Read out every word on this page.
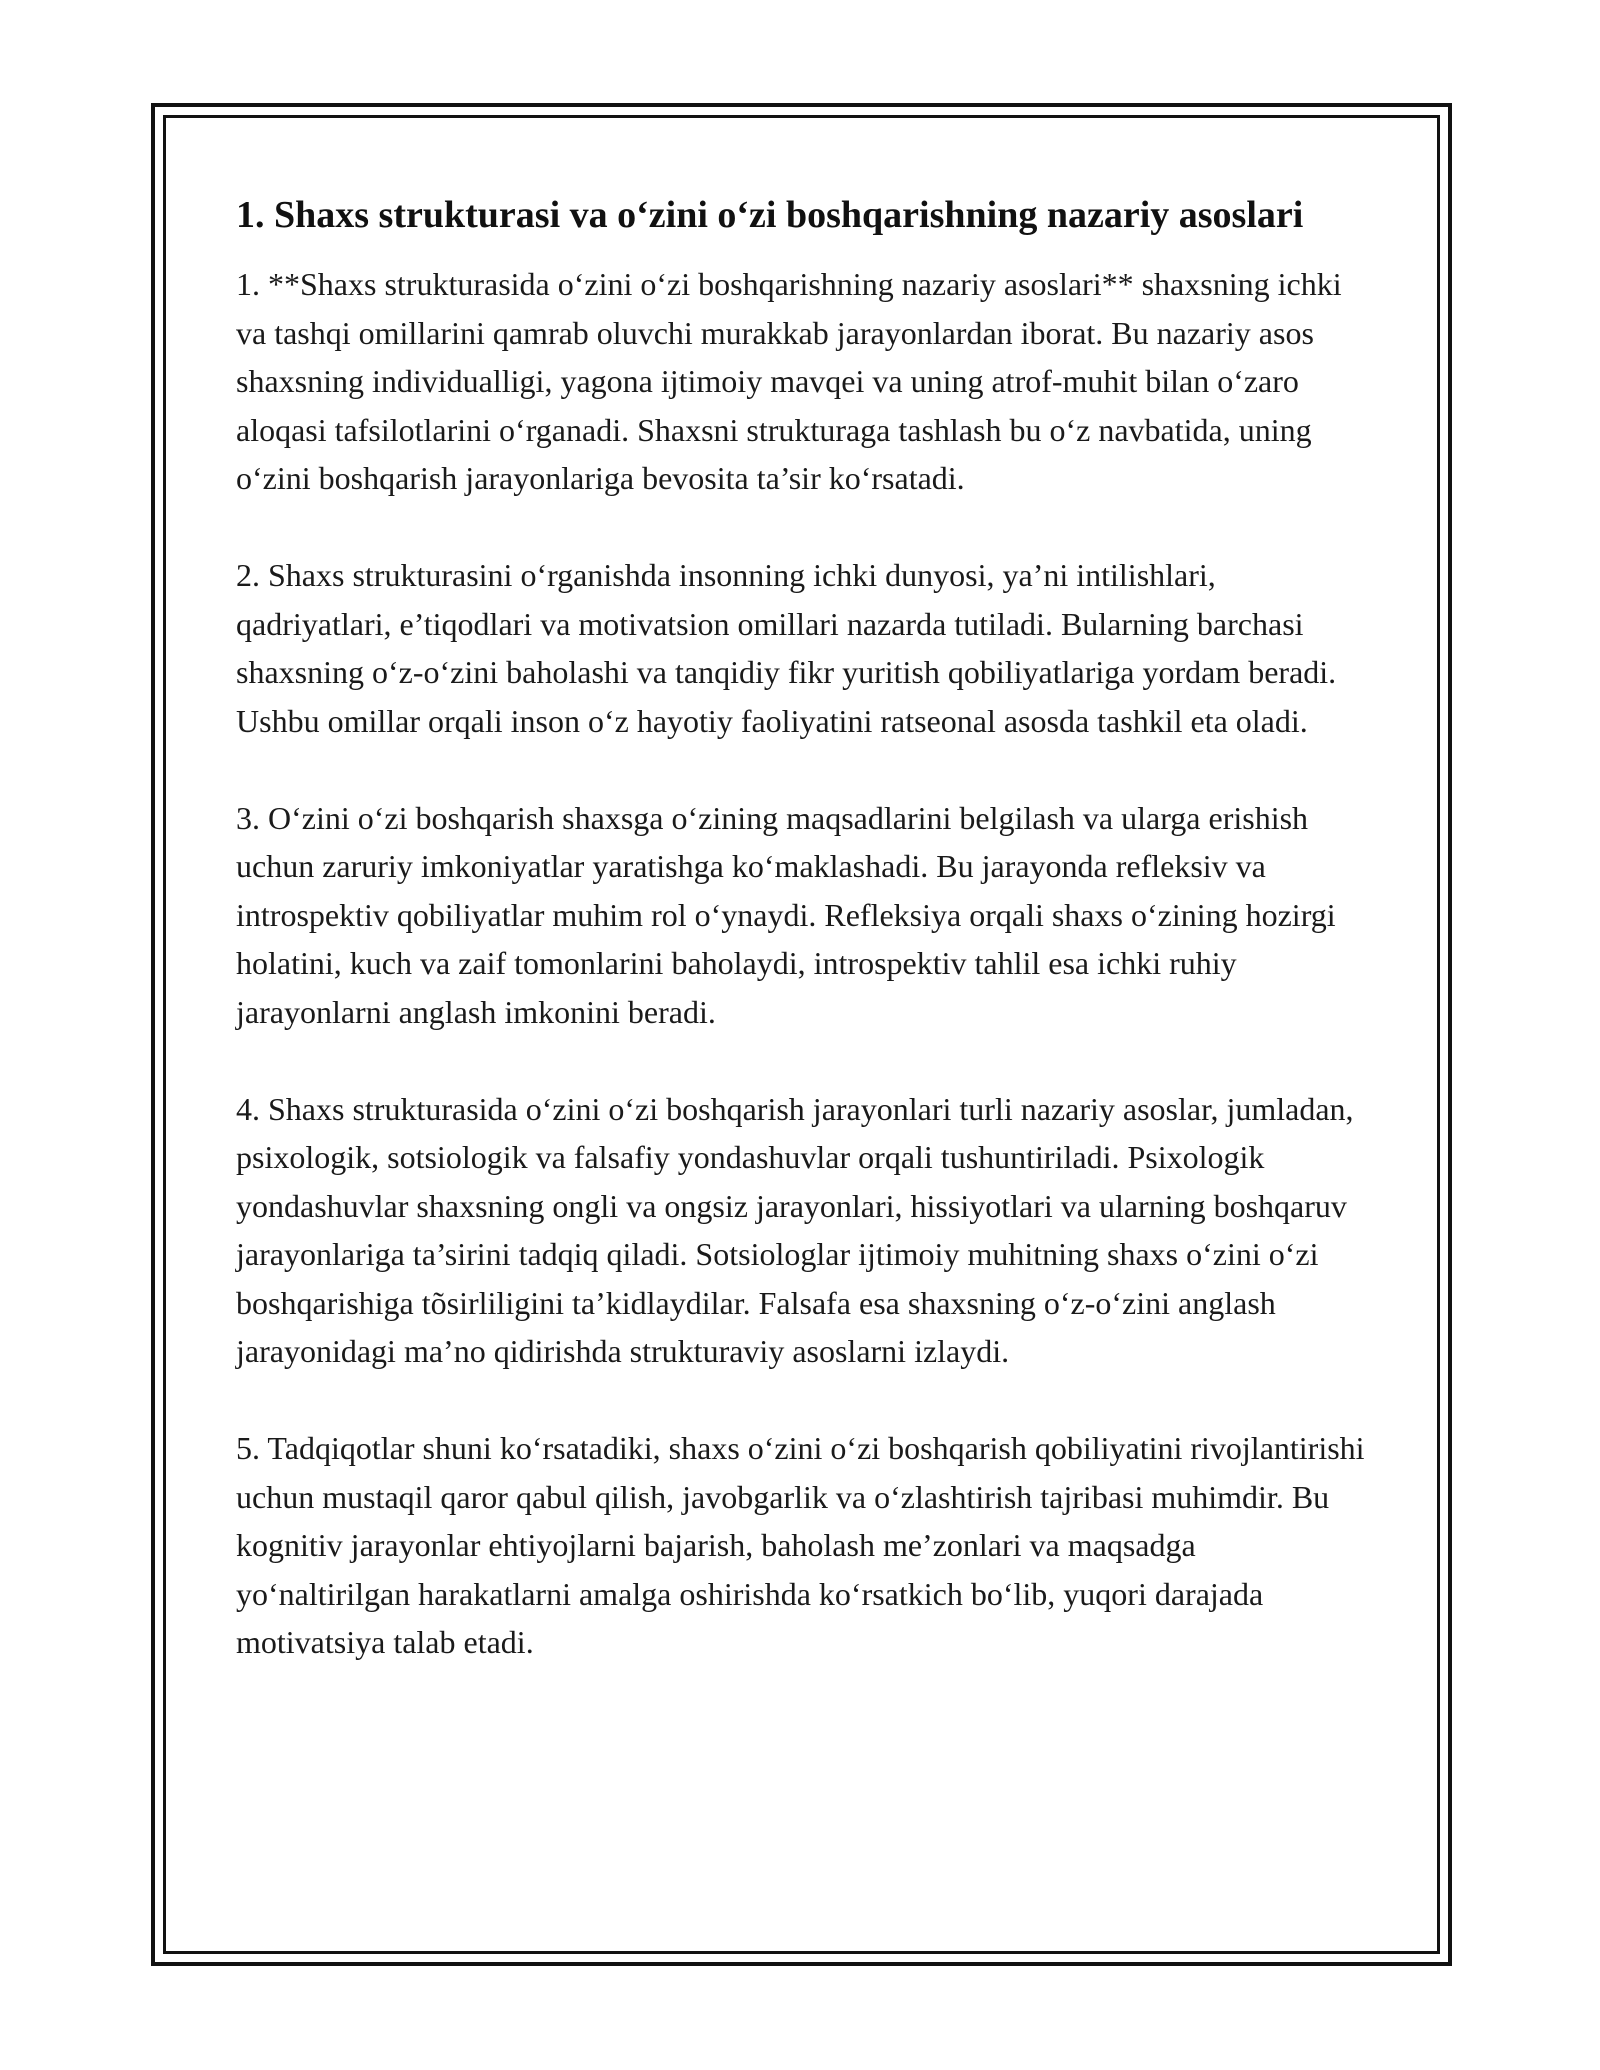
1. Shaxs strukturasi va o‘zini o‘zi boshqarishning nazariy asoslari

1. **Shaxs strukturasida o‘zini o‘zi boshqarishning nazariy asoslari** shaxsning ichki va tashqi omillarini qamrab oluvchi murakkab jarayonlardan iborat. Bu nazariy asos shaxsning individualligi, yagona ijtimoiy mavqei va uning atrof-muhit bilan o‘zaro aloqasi tafsilotlarini o‘rganadi. Shaxsni strukturaga tashlash bu o‘z navbatida, uning o‘zini boshqarish jarayonlariga bevosita ta’sir ko‘rsatadi.

2. Shaxs strukturasini o‘rganishda insonning ichki dunyosi, ya’ni intilishlari, qadriyatlari, e’tiqodlari va motivatsion omillari nazarda tutiladi. Bularning barchasi shaxsning o‘z-o‘zini baholashi va tanqidiy fikr yuritish qobiliyatlariga yordam beradi. Ushbu omillar orqali inson o‘z hayotiy faoliyatini ratseonal asosda tashkil eta oladi.

3. O‘zini o‘zi boshqarish shaxsga o‘zining maqsadlarini belgilash va ularga erishish uchun zaruriy imkoniyatlar yaratishga ko‘maklashadi. Bu jarayonda refleksiv va introspektiv qobiliyatlar muhim rol o‘ynaydi. Refleksiya orqali shaxs o‘zining hozirgi holatini, kuch va zaif tomonlarini baholaydi, introspektiv tahlil esa ichki ruhiy jarayonlarni anglash imkonini beradi.

4. Shaxs strukturasida o‘zini o‘zi boshqarish jarayonlari turli nazariy asoslar, jumladan, psixologik, sotsiologik va falsafiy yondashuvlar orqali tushuntiriladi. Psixologik yondashuvlar shaxsning ongli va ongsiz jarayonlari, hissiyotlari va ularning boshqaruv jarayonlariga ta’sirini tadqiq qiladi. Sotsiologlar ijtimoiy muhitning shaxs o‘zini o‘zi boshqarishiga tõsirliligini ta’kidlaydilar. Falsafa esa shaxsning o‘z-o‘zini anglash jarayonidagi ma’no qidirishda strukturaviy asoslarni izlaydi.

5. Tadqiqotlar shuni ko‘rsatadiki, shaxs o‘zini o‘zi boshqarish qobiliyatini rivojlantirishi uchun mustaqil qaror qabul qilish, javobgarlik va o‘zlashtirish tajribasi muhimdir. Bu kognitiv jarayonlar ehtiyojlarni bajarish, baholash me’zonlari va maqsadga yo‘naltirilgan harakatlarni amalga oshirishda ko‘rsatkich bo‘lib, yuqori darajada motivatsiya talab etadi.
